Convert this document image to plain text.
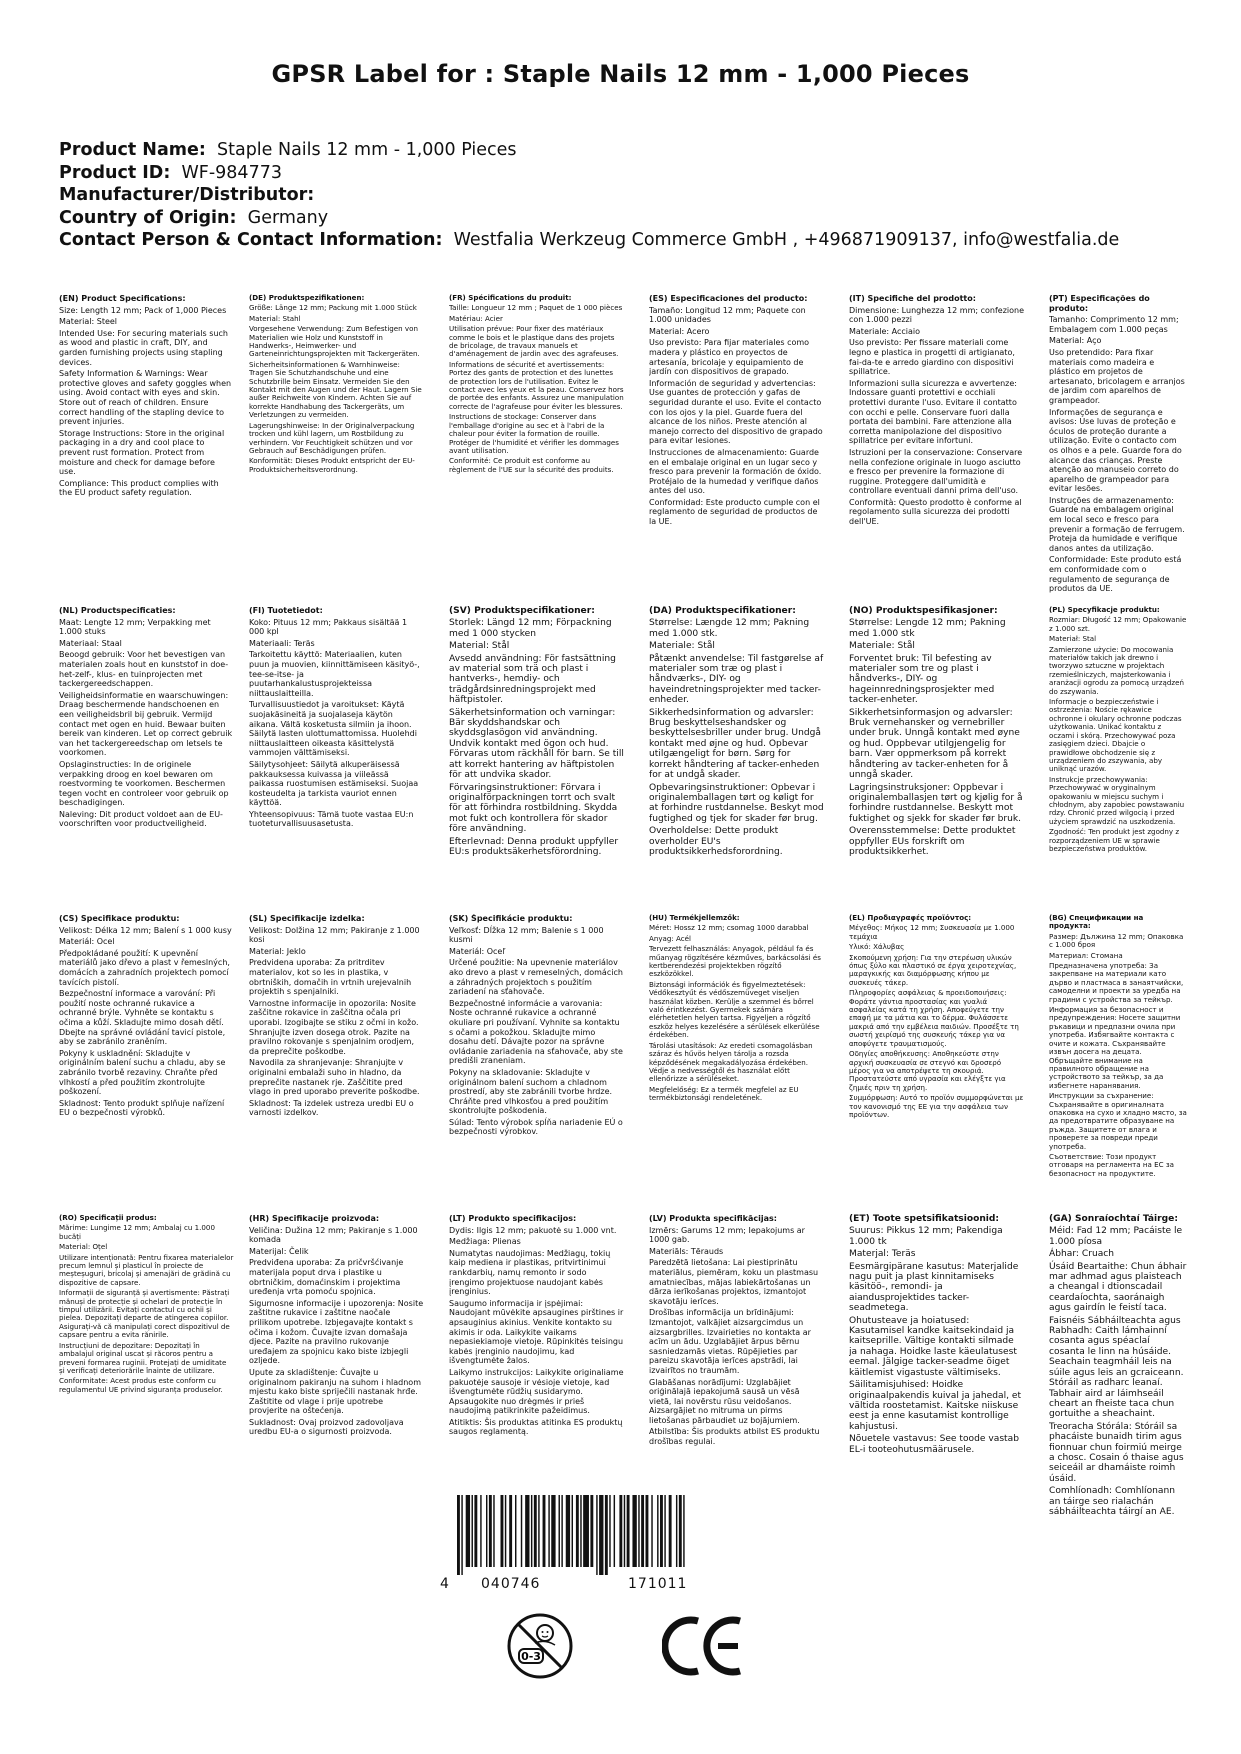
GPSR Label for : Staple Nails 12 mm - 1,000 Pieces
Product Name: Staple Nails 12 mm - 1,000 Pieces
Product ID: WF-984773
Manufacturer/Distributor:
Country of Origin: Germany
Contact Person & Contact Information: Westfalia Werkzeug Commerce GmbH , +496871909137, info@westfalia.de

(EN) Product Specifications:

Size: Length 12 mm; Pack of 1,000 Pieces

Material: Steel

Intended Use: For securing materials such as wood and plastic in craft, DIY, and garden furnishing projects using stapling devices.

Safety Information & Warnings: Wear protective gloves and safety goggles when using. Avoid contact with eyes and skin. Store out of reach of children. Ensure correct handling of the stapling device to prevent injuries.

Storage Instructions: Store in the original packaging in a dry and cool place to prevent rust formation. Protect from moisture and check for damage before use.

Compliance: This product complies with the EU product safety regulation.

(DE) Produktspezifikationen:

Größe: Länge 12 mm; Packung mit 1.000 Stück

Material: Stahl

Vorgesehene Verwendung: Zum Befestigen von Materialien wie Holz und Kunststoff in Handwerks-, Heimwerker- und Garteneinrichtungsprojekten mit Tackergeräten.

Sicherheitsinformationen & Warnhinweise: Tragen Sie Schutzhandschuhe und eine Schutzbrille beim Einsatz. Vermeiden Sie den Kontakt mit den Augen und der Haut. Lagern Sie außer Reichweite von Kindern. Achten Sie auf korrekte Handhabung des Tackergeräts, um Verletzungen zu vermeiden.

Lagerungshinweise: In der Originalverpackung trocken und kühl lagern, um Rostbildung zu verhindern. Vor Feuchtigkeit schützen und vor Gebrauch auf Beschädigungen prüfen.

Konformität: Dieses Produkt entspricht der EU-Produktsicherheitsverordnung.

(FR) Spécifications du produit:

Taille: Longueur 12 mm ; Paquet de 1 000 pièces

Matériau: Acier

Utilisation prévue: Pour fixer des matériaux comme le bois et le plastique dans des projets de bricolage, de travaux manuels et d'aménagement de jardin avec des agrafeuses.

Informations de sécurité et avertissements: Portez des gants de protection et des lunettes de protection lors de l'utilisation. Évitez le contact avec les yeux et la peau. Conservez hors de portée des enfants. Assurez une manipulation correcte de l'agrafeuse pour éviter les blessures.

Instructions de stockage: Conserver dans l'emballage d'origine au sec et à l'abri de la chaleur pour éviter la formation de rouille. Protéger de l'humidité et vérifier les dommages avant utilisation.

Conformité: Ce produit est conforme au règlement de l'UE sur la sécurité des produits.

(ES) Especificaciones del producto:

Tamaño: Longitud 12 mm; Paquete con 1.000 unidades

Material: Acero

Uso previsto: Para fijar materiales como madera y plástico en proyectos de artesanía, bricolaje y equipamiento de jardín con dispositivos de grapado.

Información de seguridad y advertencias: Use guantes de protección y gafas de seguridad durante el uso. Evite el contacto con los ojos y la piel. Guarde fuera del alcance de los niños. Preste atención al manejo correcto del dispositivo de grapado para evitar lesiones.

Instrucciones de almacenamiento: Guarde en el embalaje original en un lugar seco y fresco para prevenir la formación de óxido. Protéjalo de la humedad y verifique daños antes del uso.

Conformidad: Este producto cumple con el reglamento de seguridad de productos de la UE.

(IT) Specifiche del prodotto:

Dimensione: Lunghezza 12 mm; confezione con 1.000 pezzi

Materiale: Acciaio

Uso previsto: Per fissare materiali come legno e plastica in progetti di artigianato, fai-da-te e arredo giardino con dispositivi spillatrice.

Informazioni sulla sicurezza e avvertenze: Indossare guanti protettivi e occhiali protettivi durante l'uso. Evitare il contatto con occhi e pelle. Conservare fuori dalla portata dei bambini. Fare attenzione alla corretta manipolazione del dispositivo spillatrice per evitare infortuni.

Istruzioni per la conservazione: Conservare nella confezione originale in luogo asciutto e fresco per prevenire la formazione di ruggine. Proteggere dall'umidità e controllare eventuali danni prima dell'uso.

Conformità: Questo prodotto è conforme al regolamento sulla sicurezza dei prodotti dell'UE.

(PT) Especificações do produto:

Tamanho: Comprimento 12 mm; Embalagem com 1.000 peças

Material: Aço

Uso pretendido: Para fixar materiais como madeira e plástico em projetos de artesanato, bricolagem e arranjos de jardim com aparelhos de grampeador.

Informações de segurança e avisos: Use luvas de proteção e óculos de proteção durante a utilização. Evite o contacto com os olhos e a pele. Guarde fora do alcance das crianças. Preste atenção ao manuseio correto do aparelho de grampeador para evitar lesões.

Instruções de armazenamento: Guarde na embalagem original em local seco e fresco para prevenir a formação de ferrugem. Proteja da humidade e verifique danos antes da utilização.

Conformidade: Este produto está em conformidade com o regulamento de segurança de produtos da UE.

(NL) Productspecificaties:

Maat: Lengte 12 mm; Verpakking met 1.000 stuks

Materiaal: Staal

Beoogd gebruik: Voor het bevestigen van materialen zoals hout en kunststof in doe-het-zelf-, klus- en tuinprojecten met tackergereedschappen.

Veiligheidsinformatie en waarschuwingen: Draag beschermende handschoenen en een veiligheidsbril bij gebruik. Vermijd contact met ogen en huid. Bewaar buiten bereik van kinderen. Let op correct gebruik van het tackergereedschap om letsels te voorkomen.

Opslaginstructies: In de originele verpakking droog en koel bewaren om roestvorming te voorkomen. Beschermen tegen vocht en controleer voor gebruik op beschadigingen.

Naleving: Dit product voldoet aan de EU-voorschriften voor productveiligheid.

(FI) Tuotetiedot:

Koko: Pituus 12 mm; Pakkaus sisältää 1 000 kpl

Materiaali: Teräs

Tarkoitettu käyttö: Materiaalien, kuten puun ja muovien, kiinnittämiseen käsityö-, tee-se-itse- ja puutarhankalustusprojekteissa niittauslaitteilla.

Turvallisuustiedot ja varoitukset: Käytä suojakäsineitä ja suojalaseja käytön aikana. Vältä kosketusta silmiin ja ihoon. Säilytä lasten ulottumattomissa. Huolehdi niittauslaitteen oikeasta käsittelystä vammojen välttämiseksi.

Säilytysohjeet: Säilytä alkuperäisessä pakkauksessa kuivassa ja viileässä paikassa ruostumisen estämiseksi. Suojaa kosteudelta ja tarkista vauriot ennen käyttöä.

Yhteensopivuus: Tämä tuote vastaa EU:n tuoteturvallisuusasetusta.

(SV) Produktspecifikationer:

Storlek: Längd 12 mm; Förpackning med 1 000 stycken

Material: Stål

Avsedd användning: För fastsättning av material som trä och plast i hantverks-, hemdiy- och trädgårdsinredningsprojekt med häftpistoler.

Säkerhetsinformation och varningar: Bär skyddshandskar och skyddsglasögon vid användning. Undvik kontakt med ögon och hud. Förvaras utom räckhåll för barn. Se till att korrekt hantering av häftpistolen för att undvika skador.

Förvaringsinstruktioner: Förvara i originalförpackningen torrt och svalt för att förhindra rostbildning. Skydda mot fukt och kontrollera för skador före användning.

Efterlevnad: Denna produkt uppfyller EU:s produktsäkerhetsförordning.

(DA) Produktspecifikationer:

Størrelse: Længde 12 mm; Pakning med 1.000 stk.

Materiale: Stål

Påtænkt anvendelse: Til fastgørelse af materialer som træ og plast i håndværks-, DIY- og haveindretningsprojekter med tacker-enheder.

Sikkerhedsinformation og advarsler: Brug beskyttelseshandsker og beskyttelsesbriller under brug. Undgå kontakt med øjne og hud. Opbevar utilgængeligt for børn. Sørg for korrekt håndtering af tacker-enheden for at undgå skader.

Opbevaringsinstruktioner: Opbevar i originalemballagen tørt og køligt for at forhindre rustdannelse. Beskyt mod fugtighed og tjek for skader før brug.

Overholdelse: Dette produkt overholder EU's produktsikkerhedsforordning.

(NO) Produktspesifikasjoner:

Størrelse: Lengde 12 mm; Pakning med 1.000 stk

Materiale: Stål

Forventet bruk: Til befesting av materialer som tre og plast i håndverks-, DIY- og hageinnredningsprosjekter med tacker-enheter.

Sikkerhetsinformasjon og advarsler: Bruk vernehansker og vernebriller under bruk. Unngå kontakt med øyne og hud. Oppbevar utilgjengelig for barn. Vær oppmerksom på korrekt håndtering av tacker-enheten for å unngå skader.

Lagringsinstruksjoner: Oppbevar i originalemballasjen tørt og kjølig for å forhindre rustdannelse. Beskytt mot fuktighet og sjekk for skader før bruk.

Overensstemmelse: Dette produktet oppfyller EUs forskrift om produktsikkerhet.

(PL) Specyfikacje produktu:

Rozmiar: Długość 12 mm; Opakowanie z 1.000 szt.

Materiał: Stal

Zamierzone użycie: Do mocowania materiałów takich jak drewno i tworzywo sztuczne w projektach rzemieślniczych, majsterkowania i aranżacji ogrodu za pomocą urządzeń do zszywania.

Informacje o bezpieczeństwie i ostrzeżenia: Noście rękawice ochronne i okulary ochronne podczas użytkowania. Unikać kontaktu z oczami i skórą. Przechowywać poza zasięgiem dzieci. Dbajcie o prawidłowe obchodzenie się z urządzeniem do zszywania, aby uniknąć urazów.

Instrukcje przechowywania: Przechowywać w oryginalnym opakowaniu w miejscu suchym i chłodnym, aby zapobiec powstawaniu rdzy. Chronić przed wilgocią i przed użyciem sprawdzić na uszkodzenia.

Zgodność: Ten produkt jest zgodny z rozporządzeniem UE w sprawie bezpieczeństwa produktów.

(CS) Specifikace produktu:

Velikost: Délka 12 mm; Balení s 1 000 kusy

Materiál: Ocel

Předpokládané použití: K upevnění materiálů jako dřevo a plast v řemeslných, domácích a zahradních projektech pomocí tavících pistolí.

Bezpečnostní informace a varování: Při použití noste ochranné rukavice a ochranné brýle. Vyhněte se kontaktu s očima a kůží. Skladujte mimo dosah dětí. Dbejte na správné ovládání tavicí pistole, aby se zabránilo zraněním.

Pokyny k uskladnění: Skladujte v originálním balení suchu a chladu, aby se zabránilo tvorbě rezaviny. Chraňte před vlhkostí a před použitím zkontrolujte poškození.

Skladnost: Tento produkt splňuje nařízení EU o bezpečnosti výrobků.

(SL) Specifikacije izdelka:

Velikost: Dolžina 12 mm; Pakiranje z 1.000 kosi

Material: Jeklo

Predvidena uporaba: Za pritrditev materialov, kot so les in plastika, v obrtniških, domačih in vrtnih urejevalnih projektih s spenjalniki.

Varnostne informacije in opozorila: Nosite zaščitne rokavice in zaščitna očala pri uporabi. Izogibajte se stiku z očmi in kožo. Shranjujte izven dosega otrok. Pazite na pravilno rokovanje s spenjalnim orodjem, da preprečite poškodbe.

Navodila za shranjevanje: Shranjujte v originalni embalaži suho in hladno, da preprečite nastanek rje. Zaščitite pred vlago in pred uporabo preverite poškodbe.

Skladnost: Ta izdelek ustreza uredbi EU o varnosti izdelkov.

(SK) Špecifikácie produktu:

Veľkosť: Dĺžka 12 mm; Balenie s 1 000 kusmi

Materiál: Oceľ

Určené použitie: Na upevnenie materiálov ako drevo a plast v remeselných, domácich a záhradných projektoch s použitím zariadení na sťahovače.

Bezpečnostné informácie a varovania: Noste ochranné rukavice a ochranné okuliare pri používaní. Vyhnite sa kontaktu s očami a pokožkou. Skladujte mimo dosahu detí. Dávajte pozor na správne ovládanie zariadenia na sťahovače, aby ste predišli zraneniam.

Pokyny na skladovanie: Skladujte v originálnom balení suchom a chladnom prostredí, aby ste zabránili tvorbe hrdze. Chráňte pred vlhkosťou a pred použitím skontrolujte poškodenia.

Súlad: Tento výrobok spĺňa nariadenie EÚ o bezpečnosti výrobkov.

(HU) Termékjellemzők:

Méret: Hossz 12 mm; csomag 1000 darabbal

Anyag: Acél

Tervezett felhasználás: Anyagok, például fa és műanyag rögzítésére kézműves, barkácsolási és kertberendezési projektekben rögzítő eszközökkel.

Biztonsági információk és figyelmeztetések: Védőkesztyűt és védőszemüveget viseljen használat közben. Kerülje a szemmel és bőrrel való érintkezést. Gyermekek számára elérhetetlen helyen tartsa. Figyeljen a rögzítő eszköz helyes kezelésére a sérülések elkerülése érdekében.

Tárolási utasítások: Az eredeti csomagolásban száraz és hűvös helyen tárolja a rozsda képződésének megakadályozása érdekében. Védje a nedvességtől és használat előtt ellenőrizze a sérüléseket.

Megfelelőség: Ez a termék megfelel az EU termékbiztonsági rendeletének.

(EL) Προδιαγραφές προϊόντος:

Μέγεθος: Μήκος 12 mm; Συσκευασία με 1.000 τεμάχια

Υλικό: Χάλυβας

Σκοπούμενη χρήση: Για την στερέωση υλικών όπως ξύλο και πλαστικό σε έργα χειροτεχνίας, μαραγκικής και διαμόρφωσης κήπου με συσκευές τάκερ.

Πληροφορίες ασφάλειας & προειδοποιήσεις: Φοράτε γάντια προστασίας και γυαλιά ασφαλείας κατά τη χρήση. Αποφεύγετε την επαφή με τα μάτια και το δέρμα. Φυλάσσετε μακριά από την εμβέλεια παιδιών. Προσέξτε τη σωστή χειρίσμό της συσκευής τάκερ για να αποφύγετε τραυματισμούς.

Οδηγίες αποθήκευσης: Αποθηκεύστε στην αρχική συσκευασία σε στεγνό και δροσερό μέρος για να αποτρέψετε τη σκουριά. Προστατεύστε από υγρασία και ελέγξτε για ζημιές πριν τη χρήση.

Συμμόρφωση: Αυτό το προϊόν συμμορφώνεται με τον κανονισμό της ΕΕ για την ασφάλεια των προϊόντων.

(BG) Спецификации на продукта:

Размер: Дължина 12 mm; Опаковка с 1.000 броя

Материал: Стомана

Предназначена употреба: За закрепване на материали като дърво и пластмаса в занаятчийски, самоделни и проекти за уредба на градини с устройства за тейкър.

Информация за безопасност и предупреждения: Носете защитни ръкавици и предпазни очила при употреба. Избягвайте контакта с очите и кожата. Съхранявайте извън досега на децата. Обръщайте внимание на правилното обращение на устройството за тейкър, за да избегнете наранявания.

Инструкции за съхранение: Съхранявайте в оригиналната опаковка на сухо и хладно място, за да предотвратите образуване на ръжда. Защитете от влага и проверете за повреди преди употреба.

Съответствие: Този продукт отговаря на регламента на ЕС за безопасност на продуктите.

(RO) Specificații produs:

Mărime: Lungime 12 mm; Ambalaj cu 1.000 bucăți

Material: Oțel

Utilizare intenționată: Pentru fixarea materialelor precum lemnul și plasticul în proiecte de meșteșuguri, bricolaj și amenajări de grădină cu dispozitive de capsare.

Informații de siguranță și avertismente: Păstrați mănuși de protecție și ochelari de protecție în timpul utilizării. Evitați contactul cu ochii și pielea. Depozitați departe de atingerea copiilor. Asigurați-vă că manipulați corect dispozitivul de capsare pentru a evita rănirile.

Instrucțiuni de depozitare: Depozitați în ambalajul original uscat și răcoros pentru a preveni formarea ruginii. Protejați de umiditate și verificați deteriorările înainte de utilizare.

Conformitate: Acest produs este conform cu regulamentul UE privind siguranța produselor.

(HR) Specifikacije proizvoda:

Veličina: Dužina 12 mm; Pakiranje s 1.000 komada

Materijal: Čelik

Predviđena uporaba: Za pričvršćivanje materijala poput drva i plastike u obrtničkim, domaćinskim i projektima uređenja vrta pomoću spojnica.

Sigurnosne informacije i upozorenja: Nosite zaštitne rukavice i zaštitne naočale prilikom upotrebe. Izbjegavajte kontakt s očima i kožom. Čuvajte izvan domašaja djece. Pazite na pravilno rukovanje uređajem za spojnicu kako biste izbjegli ozljede.

Upute za skladištenje: Čuvajte u originalnom pakiranju na suhom i hladnom mjestu kako biste spriječili nastanak hrđe. Zaštitite od vlage i prije upotrebe provjerite na oštećenja.

Sukladnost: Ovaj proizvod zadovoljava uredbu EU-a o sigurnosti proizvoda.

(LT) Produkto specifikacijos:

Dydis: Ilgis 12 mm; pakuotė su 1.000 vnt.

Medžiaga: Plienas

Numatytas naudojimas: Medžiagų, tokių kaip medienа ir plastikas, pritvirtinimui rankdarbių, namų remonto ir sodo įrengimo projektuose naudojant kabės įrenginius.

Saugumo informacija ir įspėjimai: Naudojant mūvėkite apsaugines pirštines ir apsauginius akinius. Venkite kontakto su akimis ir oda. Laikykite vaikams nepasiekiamoje vietoje. Rūpinkitės teisingu kabės įrenginio naudojimu, kad išvengtumėte žalos.

Laikymo instrukcijos: Laikykite originaliame pakuotėje sausoje ir vėsioje vietoje, kad išvengtumėte rūdžių susidarymo. Apsaugokite nuo drėgmės ir prieš naudojimą patikrinkite pažeidimus.

Atitiktis: Šis produktas atitinka ES produktų saugos reglamentą.

(LV) Produkta specifikācijas:

Izmērs: Garums 12 mm; Iepakojums ar 1000 gab.

Materiāls: Tērauds

Paredzētā lietošana: Lai piestiprinātu materiālus, piemēram, koku un plastmasu amatniecības, mājas labiekārtošanas un dārza ierīkošanas projektos, izmantojot skavotāju ierīces.

Drošības informācija un brīdinājumi: Izmantojot, valkājiet aizsargcimdus un aizsargbrilles. Izvairieties no kontakta ar acīm un ādu. Uzglabājiet ārpus bērnu sasniedzamās vietas. Rūpējieties par pareizu skavotāja ierīces apstrādi, lai izvairītos no traumām.

Glabāšanas norādījumi: Uzglabājiet oriģinālajā iepakojumā sausā un vēsā vietā, lai novērstu rūsu veidošanos. Aizsargājiet no mitruma un pirms lietošanas pārbaudiet uz bojājumiem.

Atbilstība: Šis produkts atbilst ES produktu drošības regulai.

(ET) Toote spetsifikatsioonid:

Suurus: Pikkus 12 mm; Pakendiga 1.000 tk

Materjal: Teräs

Eesmärgipärane kasutus: Materjalide nagu puit ja plast kinnitamiseks käsitöö-, remondi- ja aiandusprojektides tacker-seadmetega.

Ohutusteave ja hoiatused: Kasutamisel kandke kaitsekindaid ja kaitseprille. Vältige kontakti silmade ja nahaga. Hoidke laste käeulatusest eemal. Jälgige tacker-seadme õiget käitlemist vigastuste vältimiseks.

Säilitamisjuhised: Hoidke originaalpakendis kuival ja jahedal, et vältida roostetamist. Kaitske niiskuse eest ja enne kasutamist kontrollige kahjustusi.

Nõuetele vastavus: See toode vastab EL-i tooteohutusmäärusele.

(GA) Sonraíochtaí Táirge:

Méid: Fad 12 mm; Pacáiste le 1.000 píosa

Ábhar: Cruach

Úsáid Beartaithe: Chun ábhair mar adhmad agus plaisteach a cheangal i dtionscadail ceardaíochta, saoránaigh agus gairdín le feistí taca.

Faisnéis Sábháilteachta agus Rabhadh: Caith lámhainní cosanta agus spéaclaí cosanta le linn na húsáide. Seachain teagmháil leis na súile agus leis an gcraiceann. Stóráil as radharc leanaí. Tabhair aird ar láimhseáil cheart an fheiste taca chun gortuithe a sheachaint.

Treoracha Stórála: Stóráil sa phacáiste bunaidh tirim agus fionnuar chun foirmiú meirge a chosc. Cosain ó thaise agus seiceáil ar dhamáiste roimh úsáid.

Comhlíonadh: Comhlíonann an táirge seo rialachán sábháilteachta táirgí an AE.

4 040746	171011
0-3
